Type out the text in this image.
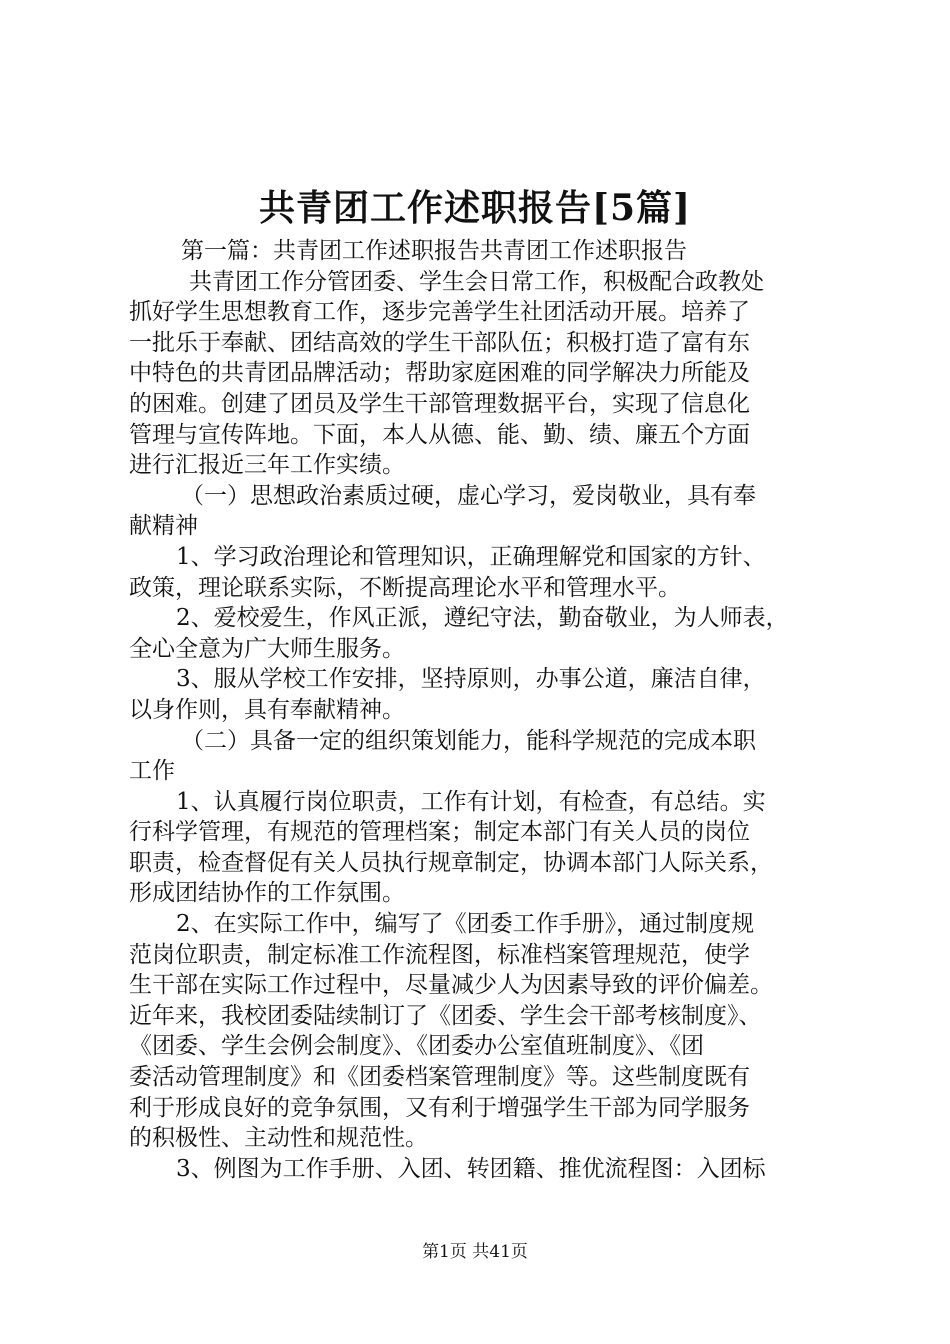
共青团工作述职报告[5篇]
第一篇：共青团工作述职报告共青团工作述职报告
共青团工作分管团委、学生会日常工作，积极配合政教处
抓好学生思想教育工作，逐步完善学生社团活动开展。培养了
一批乐于奉献、团结高效的学生干部队伍；积极打造了富有东
中特色的共青团品牌活动；帮助家庭困难的同学解决力所能及
的困难。创建了团员及学生干部管理数据平台，实现了信息化
管理与宣传阵地。下面，本人从德、能、勤、绩、廉五个方面
进行汇报近三年工作实绩。
（一）思想政治素质过硬，虚心学习，爱岗敬业，具有奉
献精神
1、学习政治理论和管理知识，正确理解党和国家的方针、
政策，理论联系实际，不断提高理论水平和管理水平。
2、爱校爱生，作风正派，遵纪守法，勤奋敬业，为人师表，
全心全意为广大师生服务。
3、服从学校工作安排，坚持原则，办事公道，廉洁自律，
以身作则，具有奉献精神。
（二）具备一定的组织策划能力，能科学规范的完成本职
工作
1、认真履行岗位职责，工作有计划，有检查，有总结。实
行科学管理，有规范的管理档案；制定本部门有关人员的岗位
职责，检查督促有关人员执行规章制定，协调本部门人际关系，
形成团结协作的工作氛围。
2、在实际工作中，编写了《团委工作手册》，通过制度规
范岗位职责，制定标准工作流程图，标准档案管理规范，使学
生干部在实际工作过程中，尽量减少人为因素导致的评价偏差。
近年来，我校团委陆续制订了《团委、学生会干部考核制度》、
《团委、学生会例会制度》、《团委办公室值班制度》、《团
委活动管理制度》和《团委档案管理制度》等。这些制度既有
利于形成良好的竞争氛围，又有利于增强学生干部为同学服务
的积极性、主动性和规范性。
3、例图为工作手册、入团、转团籍、推优流程图：入团标
第1页 共41页
